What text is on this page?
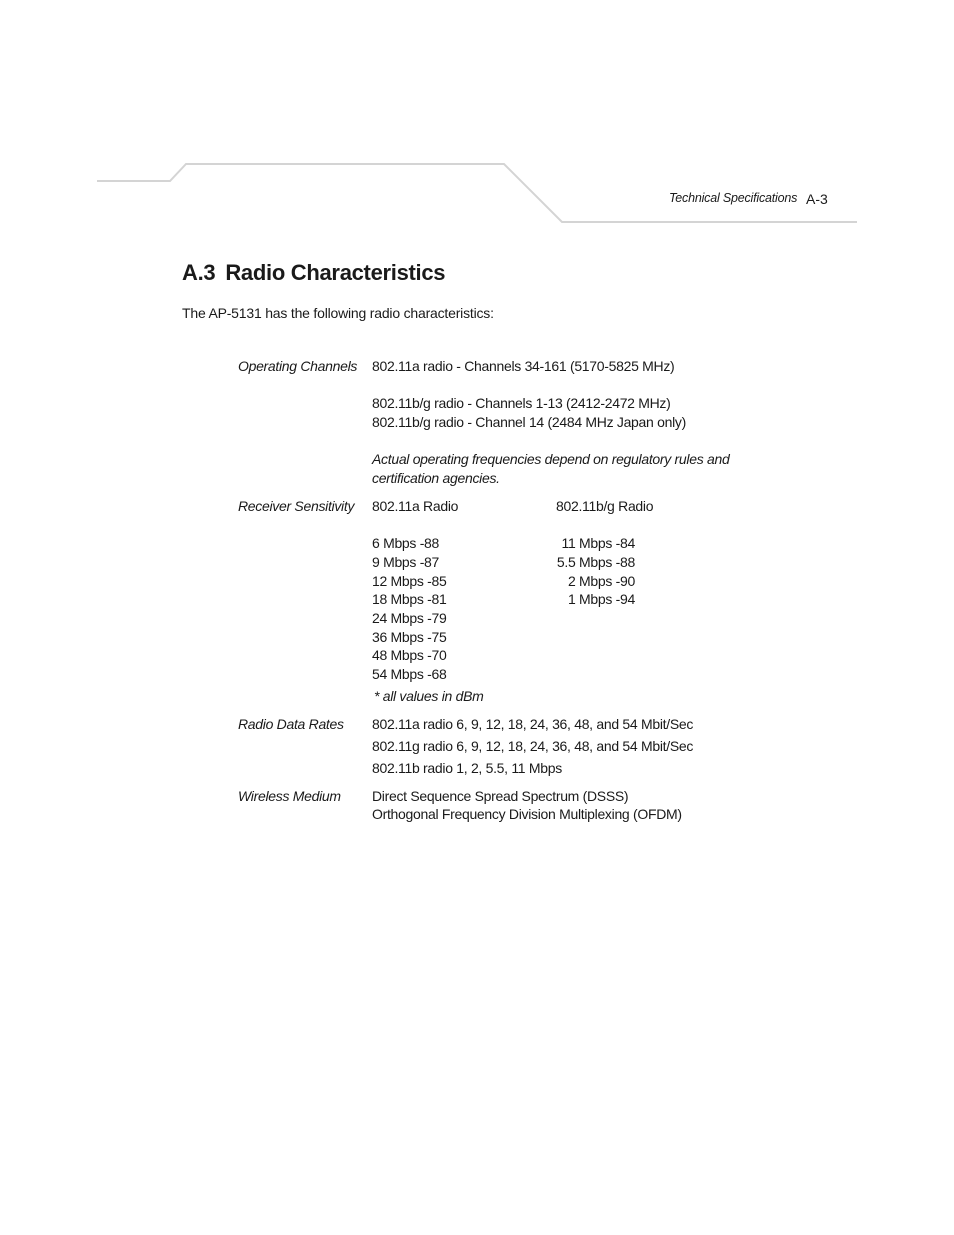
Technical Specifications A-3
A.3 Radio Characteristics
The AP-5131 has the following radio characteristics:
Operating Channels 802.11a radio - Channels 34-161 (5170-5825 MHz)
802.11b/g radio - Channels 1-13 (2412-2472 MHz)
802.11b/g radio - Channel 14 (2484 MHz Japan only)
Actual operating frequencies depend on regulatory rules and
certification agencies.
Receiver Sensitivity 802.11a Radio	802.11b/g Radio
6 Mbps -88
9 Mbps -87
12 Mbps -85
18 Mbps -81
24 Mbps -79
36 Mbps -75
48 Mbps -70
54 Mbps -68
11 Mbps -84
5.5 Mbps -88
2 Mbps -90
1 Mbps -94
* all values in dBm
Radio Data Rates 802.11a radio 6, 9, 12, 18, 24, 36, 48, and 54 Mbit/Sec
802.11g radio 6, 9, 12, 18, 24, 36, 48, and 54 Mbit/Sec
802.11b radio 1, 2, 5.5, 11 Mbps
Wireless Medium Direct Sequence Spread Spectrum (DSSS)
Orthogonal Frequency Division Multiplexing (OFDM)
